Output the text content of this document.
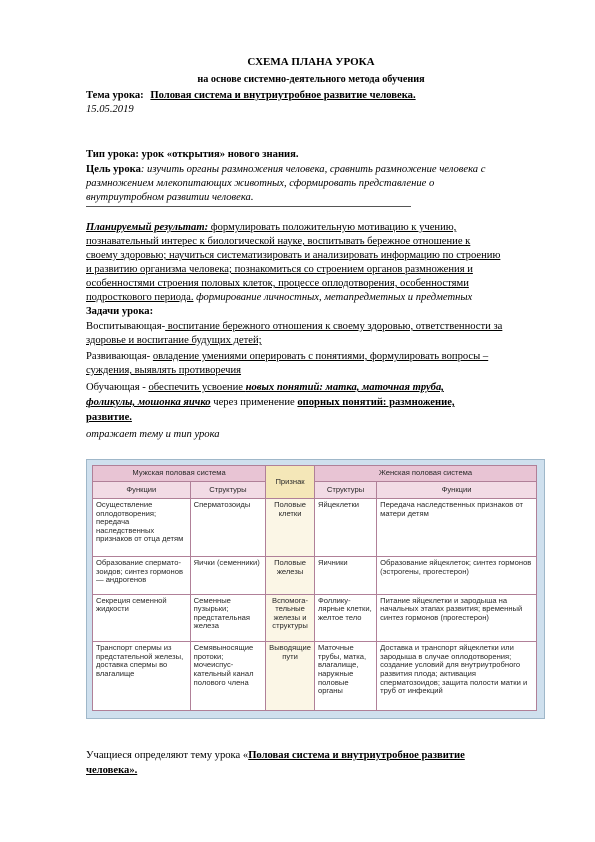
СХЕМА ПЛАНА УРОКА
на основе системно-деятельного метода обучения
Тема урока: Половая система и внутриутробное развитие человека.
15.05.2019
Тип урока: урок «открытия» нового знания.
Цель урока: изучить органы размножения человека, сравнить размножение человека с
размножением млекопитающих животных, сформировать представление о
внутриутробном развитии человека.
Планируемый результат: формулировать положительную мотивацию к учению,
познавательный интерес к биологической науке, воспитывать бережное отношение к
своему здоровью; научиться систематизировать и анализировать информацию по строению
и развитию организма человека; познакомиться со строением органов размножения и
особенностями строения половых клеток, процессе оплодотворения, особенностями
подросткового периода. формирование личностных, метапредметных и предметных
Задачи урока:
Воспитывающая- воспитание бережного отношения к своему здоровью, ответственности за
здоровье и воспитание будущих детей;
Развивающая- овладение умениями оперировать с понятиями, формулировать вопросы –
суждения, выявлять противоречия
Обучающая - обеспечить усвоение новых понятий: матка, маточная труба,
фоликулы, мошонка яичко через применение опорных понятий: размножение,
развитие.
отражает тему и тип урока
Мужская половая система		Признак	Женская половая система	
Функции	Структуры		Структуры	Функции
Осуществление оплодотворения; передача наследственных признаков от отца детям	Сперматозоиды	Половые клетки	Яйцеклетки	Передача наследственных признаков от матери детям
Образование сперматозоидов; синтез гормонов — андрогенов	Яички (семенники)	Половые железы	Яичники	Образование яйцеклеток; синтез гормонов (эстрогены, прогестерон)
Секреция семенной жидкости	Семенные пузырьки; предстательная железа	Вспомогательные железы и структуры	Фолликулярные клетки, желтое тело	Питание яйцеклетки и зародыша на начальных этапах развития; временный синтез гормонов (прогестерон)
Транспорт спермы из предстательной железы, доставка спермы во влагалище	Семявыносящие протоки; мочеиспускательный канал полового члена	Выводящие пути	Маточные трубы, матка, влагалище, наружные половые органы	Доставка и транспорт яйцеклетки или зародыша в случае оплодотворения; создание условий для внутриутробного развития плода; активация сперматозоидов; защита полости матки и труб от инфекций
Учащиеся определяют тему урока «Половая система и внутриутробное развитие
человека».
